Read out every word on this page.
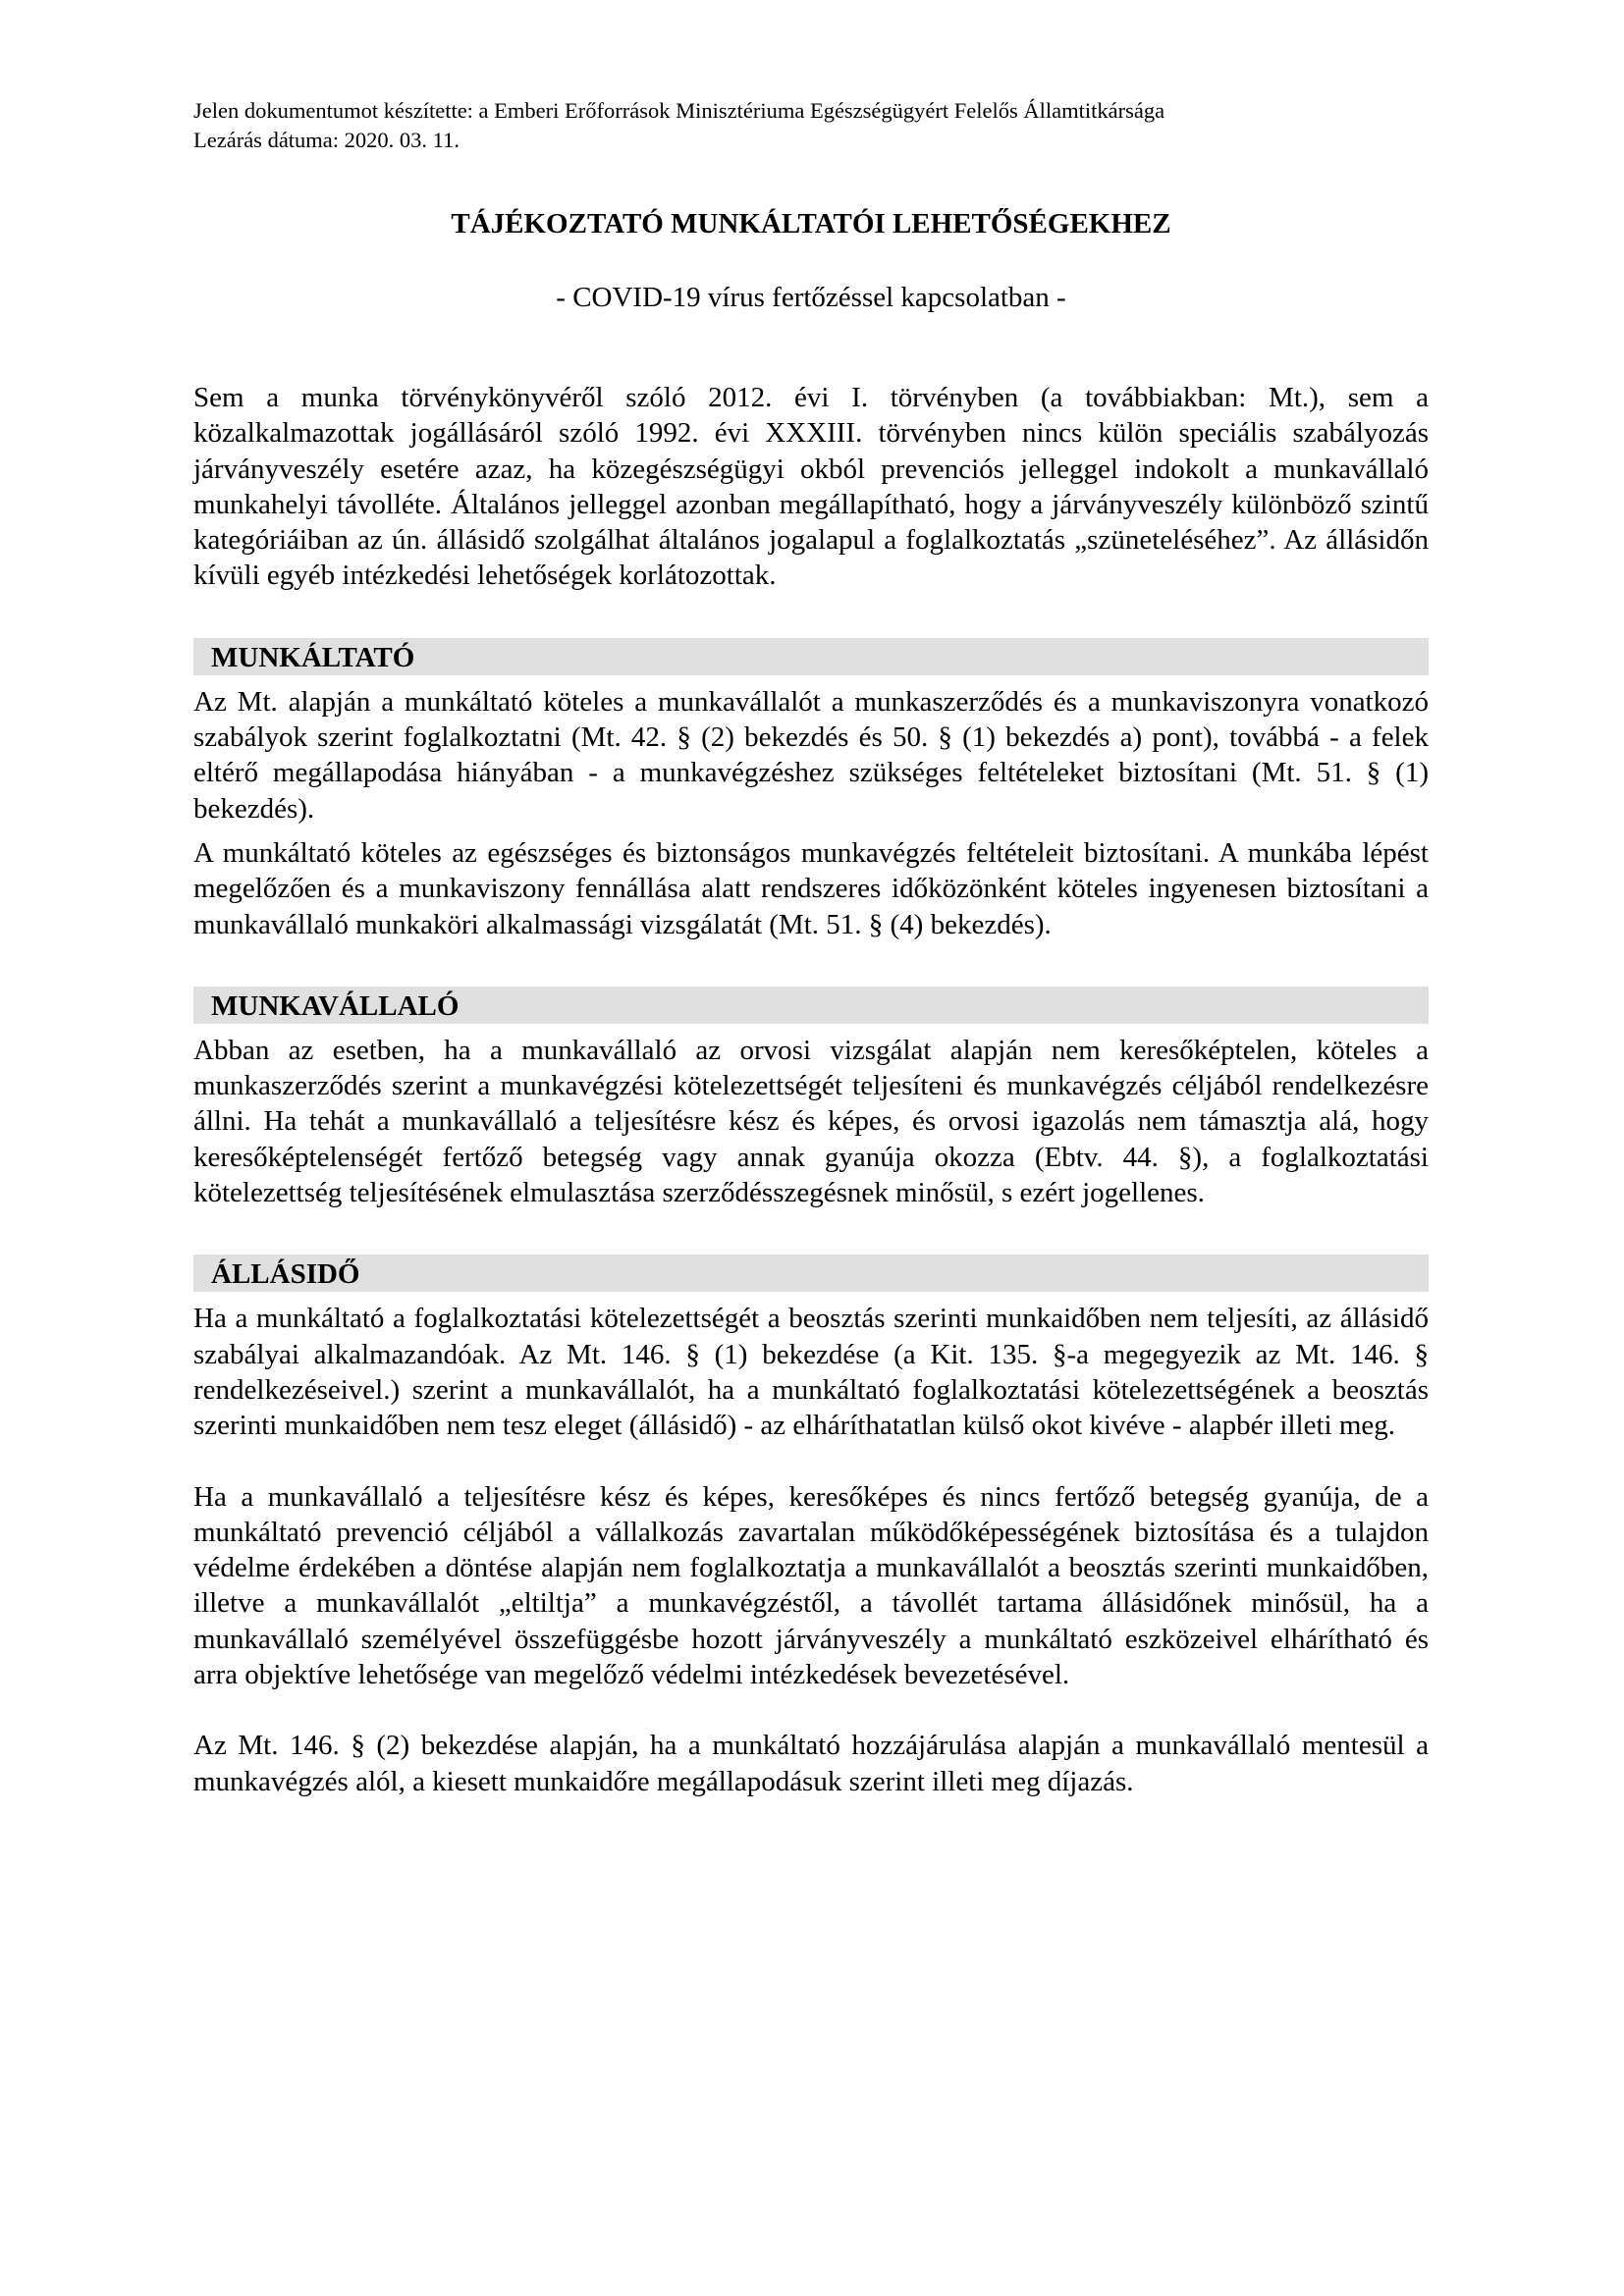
Jelen dokumentumot készítette: a Emberi Erőforrások Minisztériuma Egészségügyért Felelős Államtitkársága

Lezárás dátuma: 2020. 03. 11.

TÁJÉKOZTATÓ MUNKÁLTATÓI LEHETŐSÉGEKHEZ
- COVID-19 vírus fertőzéssel kapcsolatban -

Sem a munka törvénykönyvéről szóló 2012. évi I. törvényben (a továbbiakban: Mt.), sem a közalkalmazottak jogállásáról szóló 1992. évi XXXIII. törvényben nincs külön speciális szabályozás járványveszély esetére azaz, ha közegészségügyi okból prevenciós jelleggel indokolt a munkavállaló munkahelyi távolléte. Általános jelleggel azonban megállapítható, hogy a járványveszély különböző szintű kategóriáiban az ún. állásidő szolgálhat általános jogalapul a foglalkoztatás „szüneteléséhez”. Az állásidőn kívüli egyéb intézkedési lehetőségek korlátozottak.

MUNKÁLTATÓ

Az Mt. alapján a munkáltató köteles a munkavállalót a munkaszerződés és a munkaviszonyra vonatkozó szabályok szerint foglalkoztatni (Mt. 42. § (2) bekezdés és 50. § (1) bekezdés a) pont), továbbá - a felek eltérő megállapodása hiányában - a munkavégzéshez szükséges feltételeket biztosítani (Mt. 51. § (1) bekezdés).

A munkáltató köteles az egészséges és biztonságos munkavégzés feltételeit biztosítani. A munkába lépést megelőzően és a munkaviszony fennállása alatt rendszeres időközönként köteles ingyenesen biztosítani a munkavállaló munkaköri alkalmassági vizsgálatát (Mt. 51. § (4) bekezdés).

MUNKAVÁLLALÓ

Abban az esetben, ha a munkavállaló az orvosi vizsgálat alapján nem keresőképtelen, köteles a munkaszerződés szerint a munkavégzési kötelezettségét teljesíteni és munkavégzés céljából rendelkezésre állni. Ha tehát a munkavállaló a teljesítésre kész és képes, és orvosi igazolás nem támasztja alá, hogy keresőképtelenségét fertőző betegség vagy annak gyanúja okozza (Ebtv. 44. §), a foglalkoztatási kötelezettség teljesítésének elmulasztása szerződésszegésnek minősül, s ezért jogellenes.

ÁLLÁSIDŐ

Ha a munkáltató a foglalkoztatási kötelezettségét a beosztás szerinti munkaidőben nem teljesíti, az állásidő szabályai alkalmazandóak. Az Mt. 146. § (1) bekezdése (a Kit. 135. §-a megegyezik az Mt. 146. § rendelkezéseivel.) szerint a munkavállalót, ha a munkáltató foglalkoztatási kötelezettségének a beosztás szerinti munkaidőben nem tesz eleget (állásidő) - az elháríthatatlan külső okot kivéve - alapbér illeti meg.

Ha a munkavállaló a teljesítésre kész és képes, keresőképes és nincs fertőző betegség gyanúja, de a munkáltató prevenció céljából a vállalkozás zavartalan működőképességének biztosítása és a tulajdon védelme érdekében a döntése alapján nem foglalkoztatja a munkavállalót a beosztás szerinti munkaidőben, illetve a munkavállalót „eltiltja” a munkavégzéstől, a távollét tartama állásidőnek minősül, ha a munkavállaló személyével összefüggésbe hozott járványveszély a munkáltató eszközeivel elhárítható és arra objektíve lehetősége van megelőző védelmi intézkedések bevezetésével.

Az Mt. 146. § (2) bekezdése alapján, ha a munkáltató hozzájárulása alapján a munkavállaló mentesül a munkavégzés alól, a kiesett munkaidőre megállapodásuk szerint illeti meg díjazás.
